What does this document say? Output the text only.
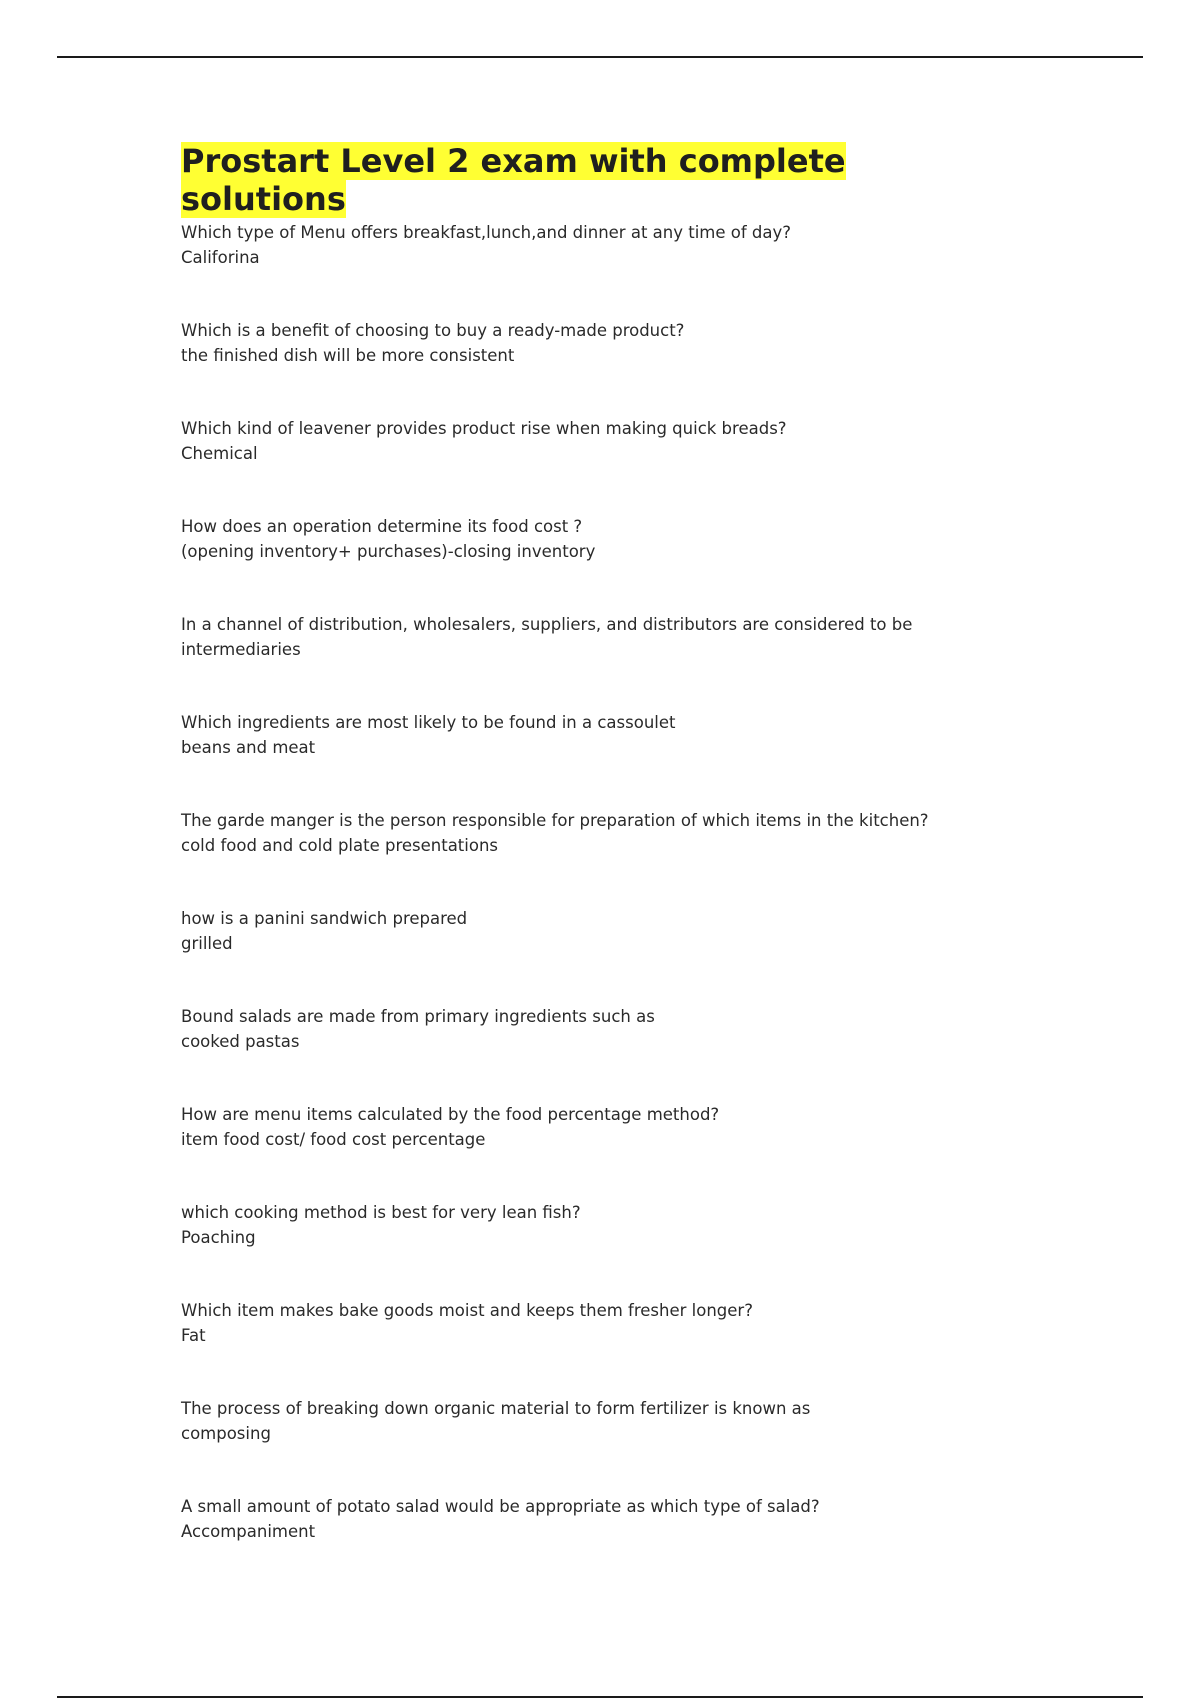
Prostart Level 2 exam with complete solutions
Which type of Menu offers breakfast,lunch,and dinner at any time of day?
Califorina
Which is a benefit of choosing to buy a ready-made product?
the finished dish will be more consistent
Which kind of leavener provides product rise when making quick breads?
Chemical
How does an operation determine its food cost ?
(opening inventory+ purchases)-closing inventory
In a channel of distribution, wholesalers, suppliers, and distributors are considered to be
intermediaries
Which ingredients are most likely to be found in a cassoulet
beans and meat
The garde manger is the person responsible for preparation of which items in the kitchen?
cold food and cold plate presentations
how is a panini sandwich prepared
grilled
Bound salads are made from primary ingredients such as
cooked pastas
How are menu items calculated by the food percentage method?
item food cost/ food cost percentage
which cooking method is best for very lean fish?
Poaching
Which item makes bake goods moist and keeps them fresher longer?
Fat
The process of breaking down organic material to form fertilizer is known as
composing
A small amount of potato salad would be appropriate as which type of salad?
Accompaniment
